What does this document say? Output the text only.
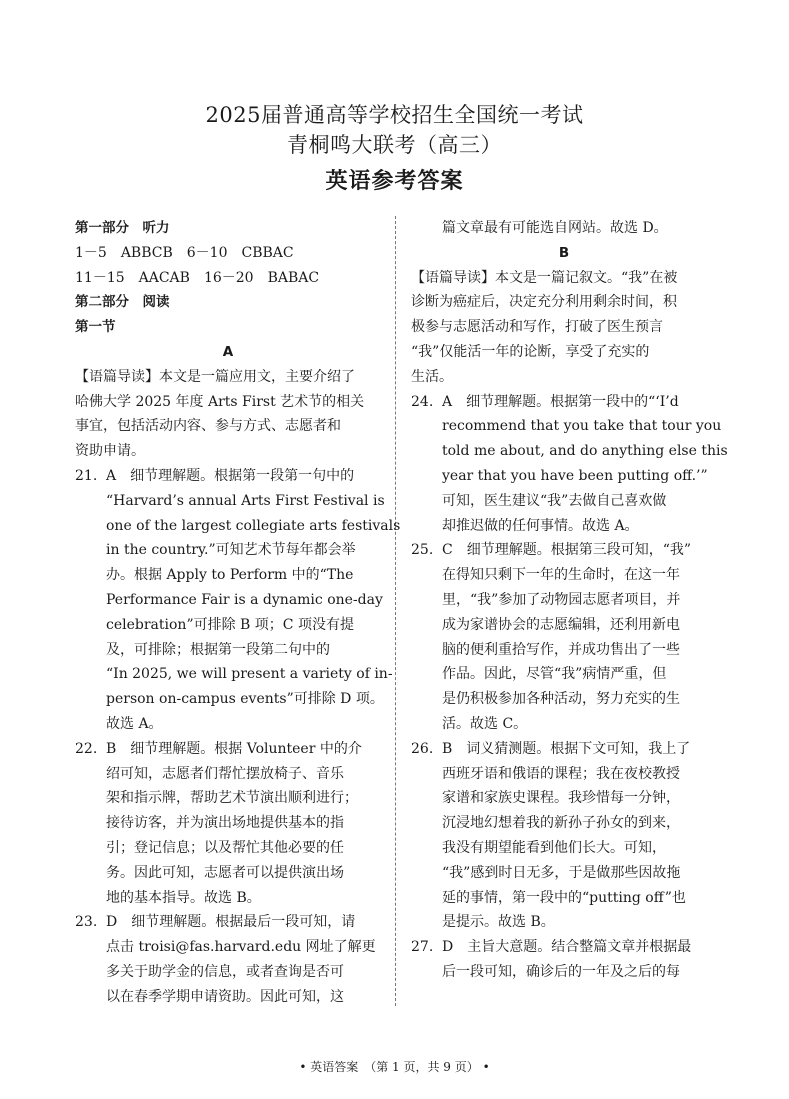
2025届普通高等学校招生全国统一考试
青桐鸣大联考（高三）
英语参考答案
第一部分　听力
1－5　ABBCB　6－10　CBBAC
11－15　AACAB　16－20　BABAC
第二部分　阅读
第一节
A
【语篇导读】本文是一篇应用文，主要介绍了
哈佛大学 2025 年度 Arts First 艺术节的相关
事宜，包括活动内容、参与方式、志愿者和
资助申请。
21. A　细节理解题。根据第一段第一句中的
“Harvard’s annual Arts First Festival is
one of the largest collegiate arts festivals
in the country.”可知艺术节每年都会举
办。根据 Apply to Perform 中的“The
Performance Fair is a dynamic one-day
celebration”可排除 B 项；C 项没有提
及，可排除；根据第一段第二句中的
“In 2025, we will present a variety of in-
person on-campus events”可排除 D 项。
故选 A。
22. B　细节理解题。根据 Volunteer 中的介
绍可知，志愿者们帮忙摆放椅子、音乐
架和指示牌，帮助艺术节演出顺利进行；
接待访客，并为演出场地提供基本的指
引；登记信息；以及帮忙其他必要的任
务。因此可知，志愿者可以提供演出场
地的基本指导。故选 B。
23. D　细节理解题。根据最后一段可知，请
点击 troisi@fas.harvard.edu 网址了解更
多关于助学金的信息，或者查询是否可
以在春季学期申请资助。因此可知，这
篇文章最有可能选自网站。故选 D。
B
【语篇导读】本文是一篇记叙文。“我”在被
诊断为癌症后，决定充分利用剩余时间，积
极参与志愿活动和写作，打破了医生预言
“我”仅能活一年的论断，享受了充实的
生活。
24. A　细节理解题。根据第一段中的“‘I’d
recommend that you take that tour you
told me about, and do anything else this
year that you have been putting off.’”
可知，医生建议“我”去做自己喜欢做
却推迟做的任何事情。故选 A。
25. C　细节理解题。根据第三段可知，“我”
在得知只剩下一年的生命时，在这一年
里，“我”参加了动物园志愿者项目，并
成为家谱协会的志愿编辑，还利用新电
脑的便利重拾写作，并成功售出了一些
作品。因此，尽管“我”病情严重，但
是仍积极参加各种活动，努力充实的生
活。故选 C。
26. B　词义猜测题。根据下文可知，我上了
西班牙语和俄语的课程；我在夜校教授
家谱和家族史课程。我珍惜每一分钟，
沉浸地幻想着我的新孙子孙女的到来，
我没有期望能看到他们长大。可知，
“我”感到时日无多，于是做那些因故拖
延的事情，第一段中的“putting off”也
是提示。故选 B。
27. D　主旨大意题。结合整篇文章并根据最
后一段可知，确诊后的一年及之后的每
• 英语答案　（第 1 页，共 9 页） •
